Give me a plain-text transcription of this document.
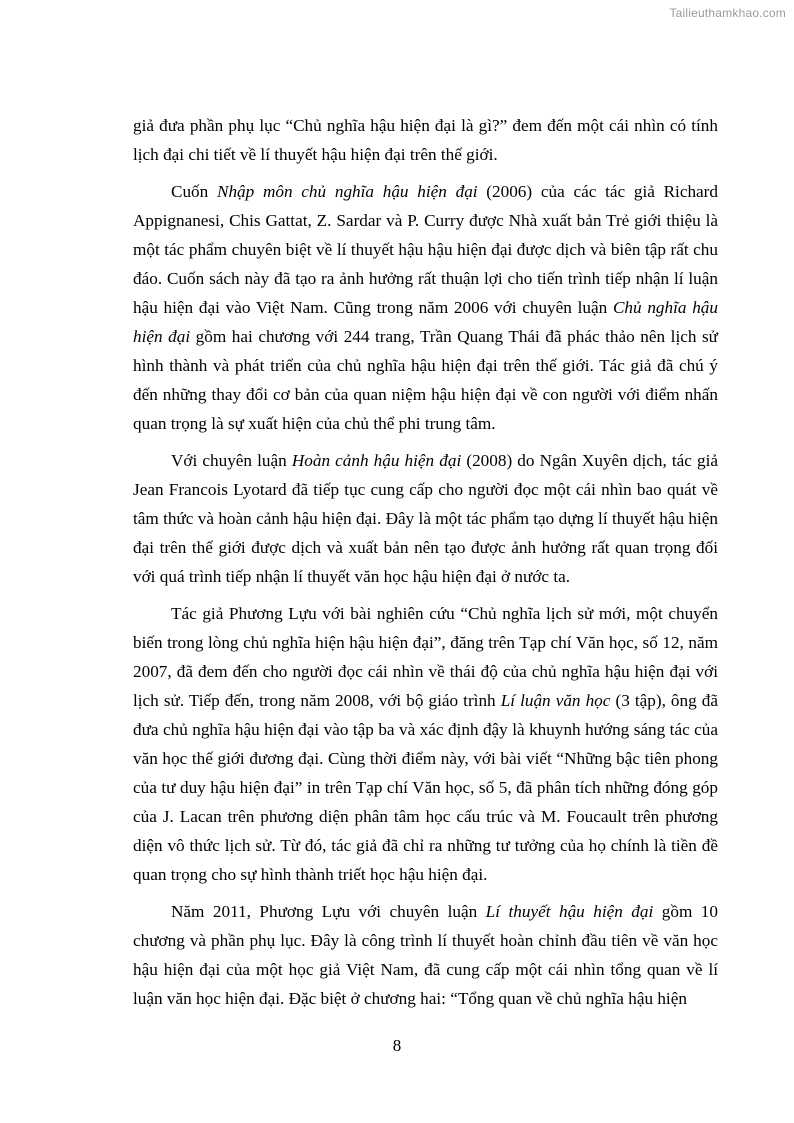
Tailieuthamkhao.com

giả đưa phần phụ lục “Chủ nghĩa hậu hiện đại là gì?” đem đến một cái nhìn có tính lịch đại chi tiết về lí thuyết hậu hiện đại trên thế giới.

Cuốn Nhập môn chủ nghĩa hậu hiện đại (2006) của các tác giả Richard Appignanesi, Chis Gattat, Z. Sardar và P. Curry được Nhà xuất bản Trẻ giới thiệu là một tác phẩm chuyên biệt về lí thuyết hậu hậu hiện đại được dịch và biên tập rất chu đáo. Cuốn sách này đã tạo ra ảnh hưởng rất thuận lợi cho tiến trình tiếp nhận lí luận hậu hiện đại vào Việt Nam. Cũng trong năm 2006 với chuyên luận Chủ nghĩa hậu hiện đại gồm hai chương với 244 trang, Trần Quang Thái đã phác thảo nên lịch sử hình thành và phát triển của chủ nghĩa hậu hiện đại trên thế giới. Tác giả đã chú ý đến những thay đổi cơ bản của quan niệm hậu hiện đại về con người với điểm nhấn quan trọng là sự xuất hiện của chủ thể phi trung tâm.

Với chuyên luận Hoàn cảnh hậu hiện đại (2008) do Ngân Xuyên dịch, tác giả Jean Francois Lyotard đã tiếp tục cung cấp cho người đọc một cái nhìn bao quát về tâm thức và hoàn cảnh hậu hiện đại. Đây là một tác phẩm tạo dựng lí thuyết hậu hiện đại trên thế giới được dịch và xuất bản nên tạo được ảnh hưởng rất quan trọng đối với quá trình tiếp nhận lí thuyết văn học hậu hiện đại ở nước ta.

Tác giả Phương Lựu với bài nghiên cứu “Chủ nghĩa lịch sử mới, một chuyển biến trong lòng chủ nghĩa hiện hậu hiện đại”, đăng trên Tạp chí Văn học, số 12, năm 2007, đã đem đến cho người đọc cái nhìn về thái độ của chủ nghĩa hậu hiện đại với lịch sử. Tiếp đến, trong năm 2008, với bộ giáo trình Lí luận văn học (3 tập), ông đã đưa chủ nghĩa hậu hiện đại vào tập ba và xác định đậy là khuynh hướng sáng tác của văn học thế giới đương đại. Cùng thời điểm này, với bài viết “Những bậc tiên phong của tư duy hậu hiện đại” in trên Tạp chí Văn học, số 5, đã phân tích những đóng góp của J. Lacan trên phương diện phân tâm học cấu trúc và M. Foucault trên phương diện vô thức lịch sử. Từ đó, tác giả đã chỉ ra những tư tưởng của họ chính là tiền đề quan trọng cho sự hình thành triết học hậu hiện đại.

Năm 2011, Phương Lựu với chuyên luận Lí thuyết hậu hiện đại gồm 10 chương và phần phụ lục. Đây là công trình lí thuyết hoàn chỉnh đầu tiên về văn học hậu hiện đại của một học giả Việt Nam, đã cung cấp một cái nhìn tổng quan về lí luận văn học hiện đại. Đặc biệt ở chương hai: “Tổng quan về chủ nghĩa hậu hiện

8
